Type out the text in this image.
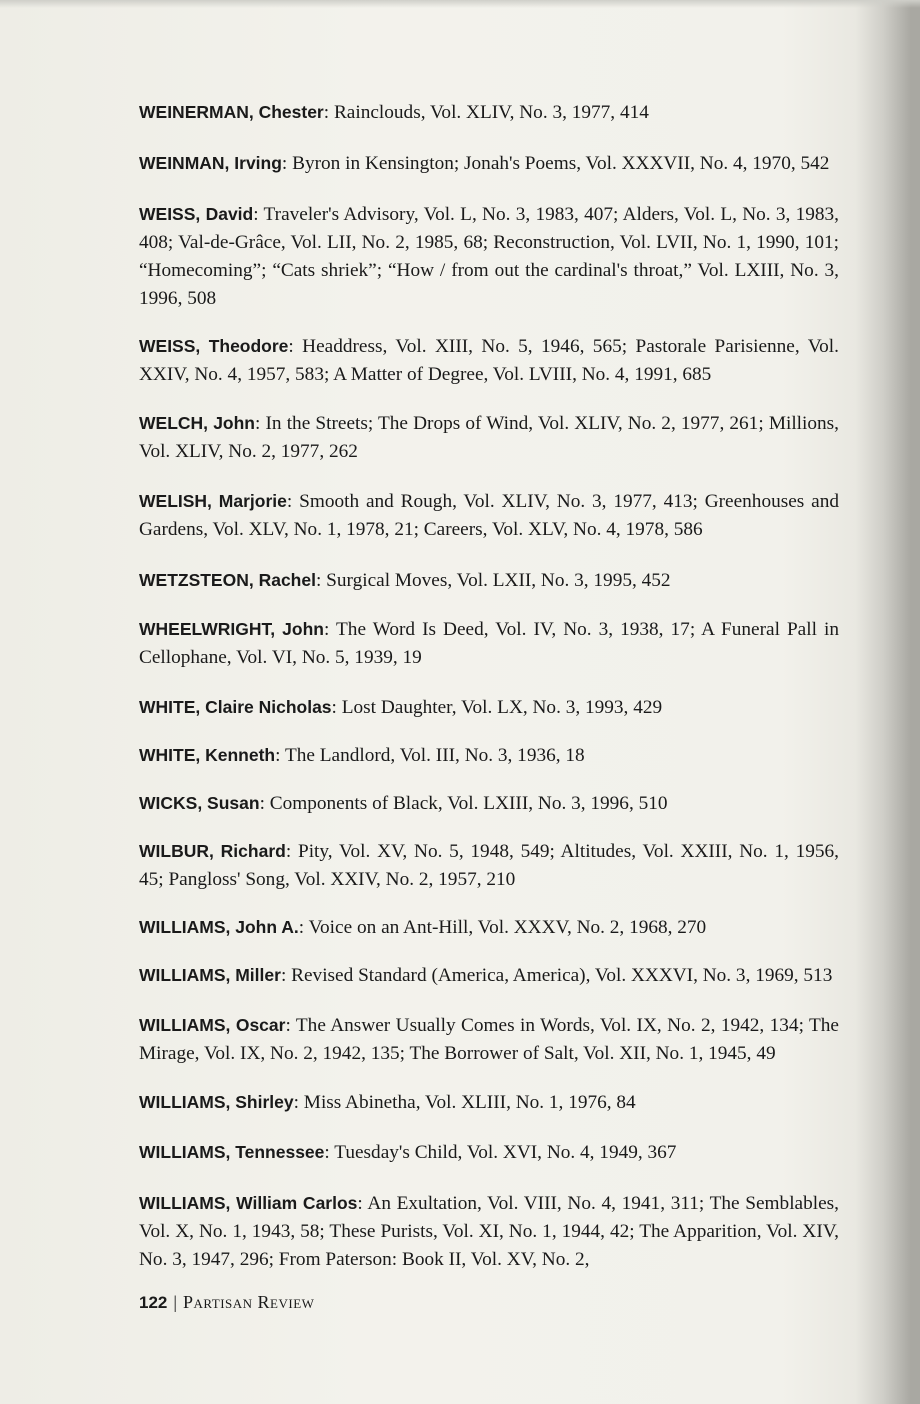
WEINERMAN, Chester: Rainclouds, Vol. XLIV, No. 3, 1977, 414

WEINMAN, Irving: Byron in Kensington; Jonah's Poems, Vol. XXXVII, No. 4, 1970, 542

WEISS, David: Traveler's Advisory, Vol. L, No. 3, 1983, 407; Alders, Vol. L, No. 3, 1983, 408; Val-de-Grâce, Vol. LII, No. 2, 1985, 68; Reconstruction, Vol. LVII, No. 1, 1990, 101; “Homecoming”; “Cats shriek”; “How / from out the cardinal's throat,” Vol. LXIII, No. 3, 1996, 508

WEISS, Theodore: Headdress, Vol. XIII, No. 5, 1946, 565; Pastorale Parisienne, Vol. XXIV, No. 4, 1957, 583; A Matter of Degree, Vol. LVIII, No. 4, 1991, 685

WELCH, John: In the Streets; The Drops of Wind, Vol. XLIV, No. 2, 1977, 261; Millions, Vol. XLIV, No. 2, 1977, 262

WELISH, Marjorie: Smooth and Rough, Vol. XLIV, No. 3, 1977, 413; Greenhouses and Gardens, Vol. XLV, No. 1, 1978, 21; Careers, Vol. XLV, No. 4, 1978, 586

WETZSTEON, Rachel: Surgical Moves, Vol. LXII, No. 3, 1995, 452

WHEELWRIGHT, John: The Word Is Deed, Vol. IV, No. 3, 1938, 17; A Funeral Pall in Cellophane, Vol. VI, No. 5, 1939, 19

WHITE, Claire Nicholas: Lost Daughter, Vol. LX, No. 3, 1993, 429

WHITE, Kenneth: The Landlord, Vol. III, No. 3, 1936, 18

WICKS, Susan: Components of Black, Vol. LXIII, No. 3, 1996, 510

WILBUR, Richard: Pity, Vol. XV, No. 5, 1948, 549; Altitudes, Vol. XXIII, No. 1, 1956, 45; Pangloss' Song, Vol. XXIV, No. 2, 1957, 210

WILLIAMS, John A.: Voice on an Ant-Hill, Vol. XXXV, No. 2, 1968, 270

WILLIAMS, Miller: Revised Standard (America, America), Vol. XXXVI, No. 3, 1969, 513

WILLIAMS, Oscar: The Answer Usually Comes in Words, Vol. IX, No. 2, 1942, 134; The Mirage, Vol. IX, No. 2, 1942, 135; The Borrower of Salt, Vol. XII, No. 1, 1945, 49

WILLIAMS, Shirley: Miss Abinetha, Vol. XLIII, No. 1, 1976, 84

WILLIAMS, Tennessee: Tuesday's Child, Vol. XVI, No. 4, 1949, 367

WILLIAMS, William Carlos: An Exultation, Vol. VIII, No. 4, 1941, 311; The Semblables, Vol. X, No. 1, 1943, 58; These Purists, Vol. XI, No. 1, 1944, 42; The Apparition, Vol. XIV, No. 3, 1947, 296; From Paterson: Book II, Vol. XV, No. 2,

122 | Partisan Review
